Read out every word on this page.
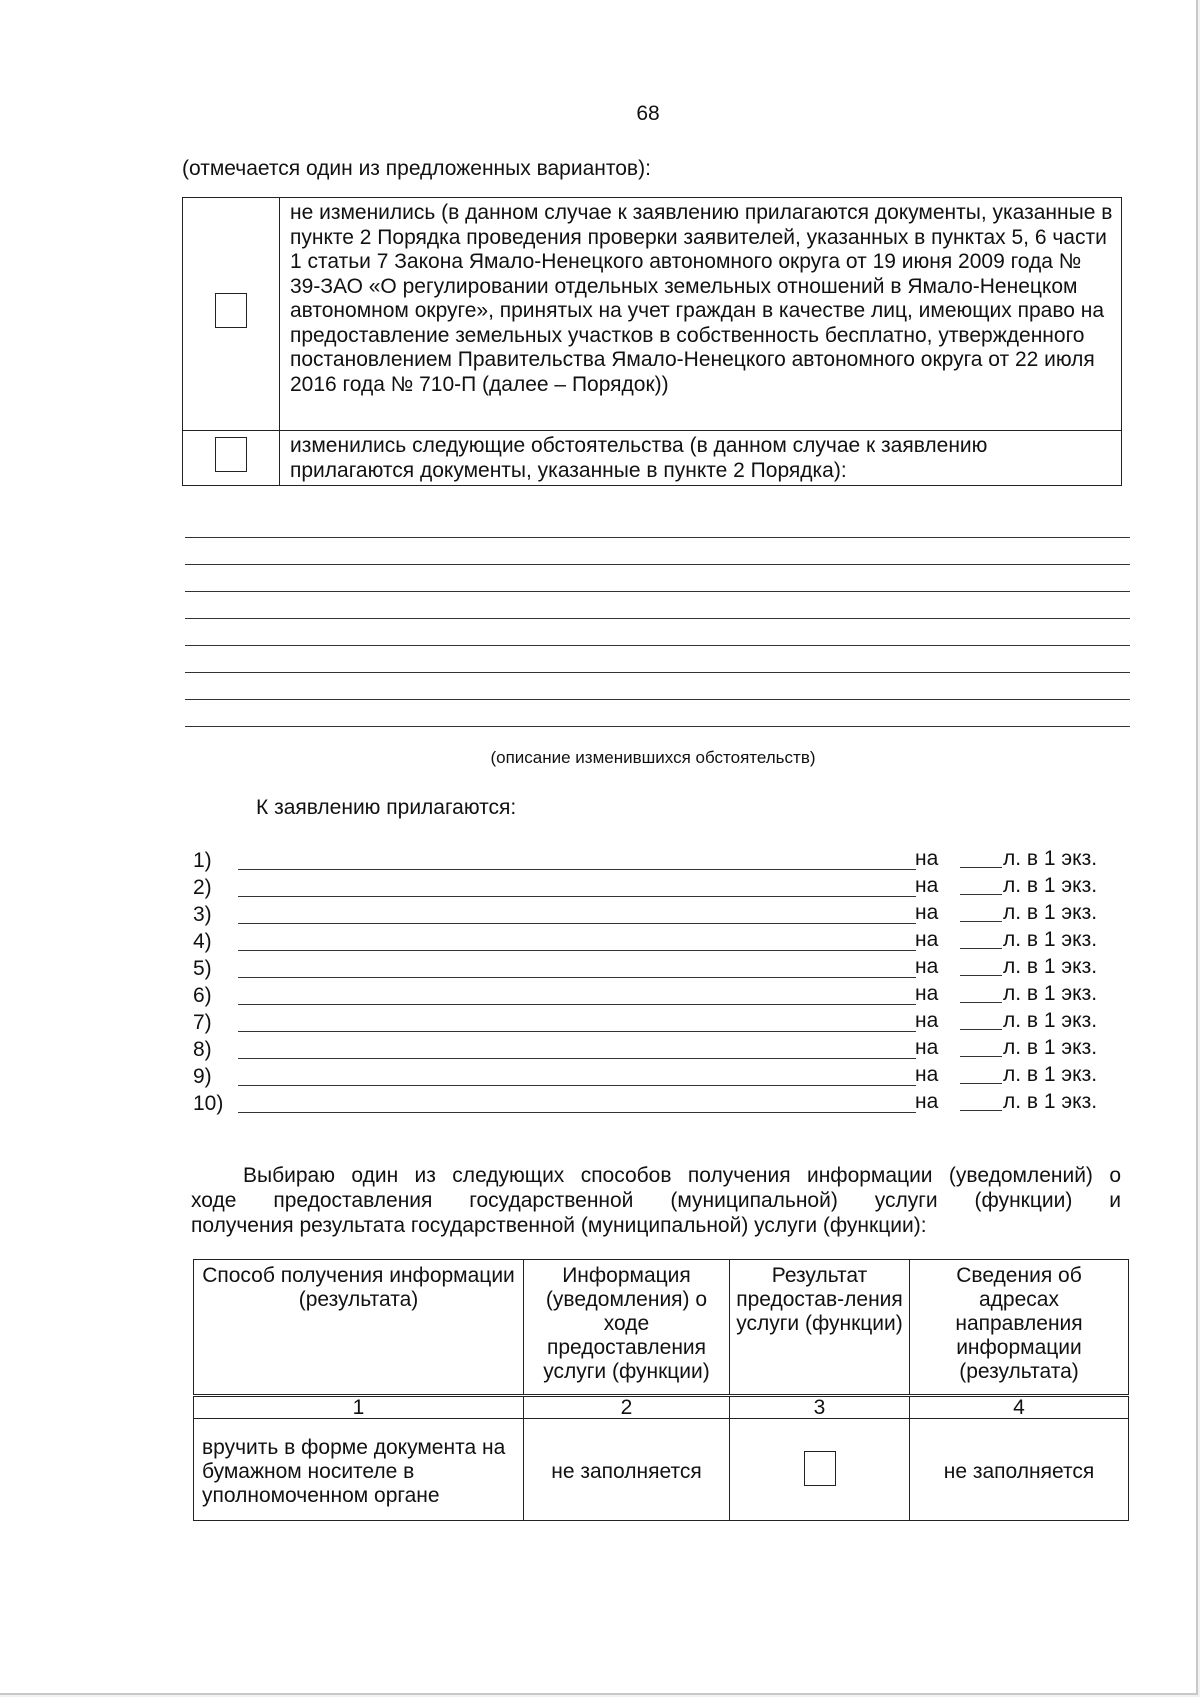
68
(отмечается один из предложенных вариантов):
	не изменились (в данном случае к заявлению прилагаются документы, указанные в пункте 2 Порядка проведения проверки заявителей, указанных в пунктах 5, 6 части 1 статьи 7 Закона Ямало-Ненецкого автономного округа от 19 июня 2009 года № 39-ЗАО «О регулировании отдельных земельных отношений в Ямало-Ненецком автономном округе», принятых на учет граждан в качестве лиц, имеющих право на предоставление земельных участков в собственность бесплатно, утвержденного постановлением Правительства Ямало-Ненецкого автономного округа от 22 июля 2016 года № 710-П (далее – Порядок))
	изменились следующие обстоятельства (в данном случае к заявлению прилагаются документы, указанные в пункте 2 Порядка):
(описание изменившихся обстоятельств)
К заявлению прилагаются:
1)	на	л. в 1 экз.
2)	на	л. в 1 экз.
3)	на	л. в 1 экз.
4)	на	л. в 1 экз.
5)	на	л. в 1 экз.
6)	на	л. в 1 экз.
7)	на	л. в 1 экз.
8)	на	л. в 1 экз.
9)	на	л. в 1 экз.
10)	на	л. в 1 экз.
Выбираю один из следующих способов получения информации (уведомлений) о
ходе предоставления государственной (муниципальной) услуги (функции) и
получения результата государственной (муниципальной) услуги (функции):
Способ получения информации (результата)	Информация (уведомления) о ходе предоставления услуги (функции)	Результат предостав-ления услуги (функции)	Сведения об адресах направления информации (результата)
1	2	3	4
вручить в форме документа на бумажном носителе в уполномоченном органе	не заполняется		не заполняется
